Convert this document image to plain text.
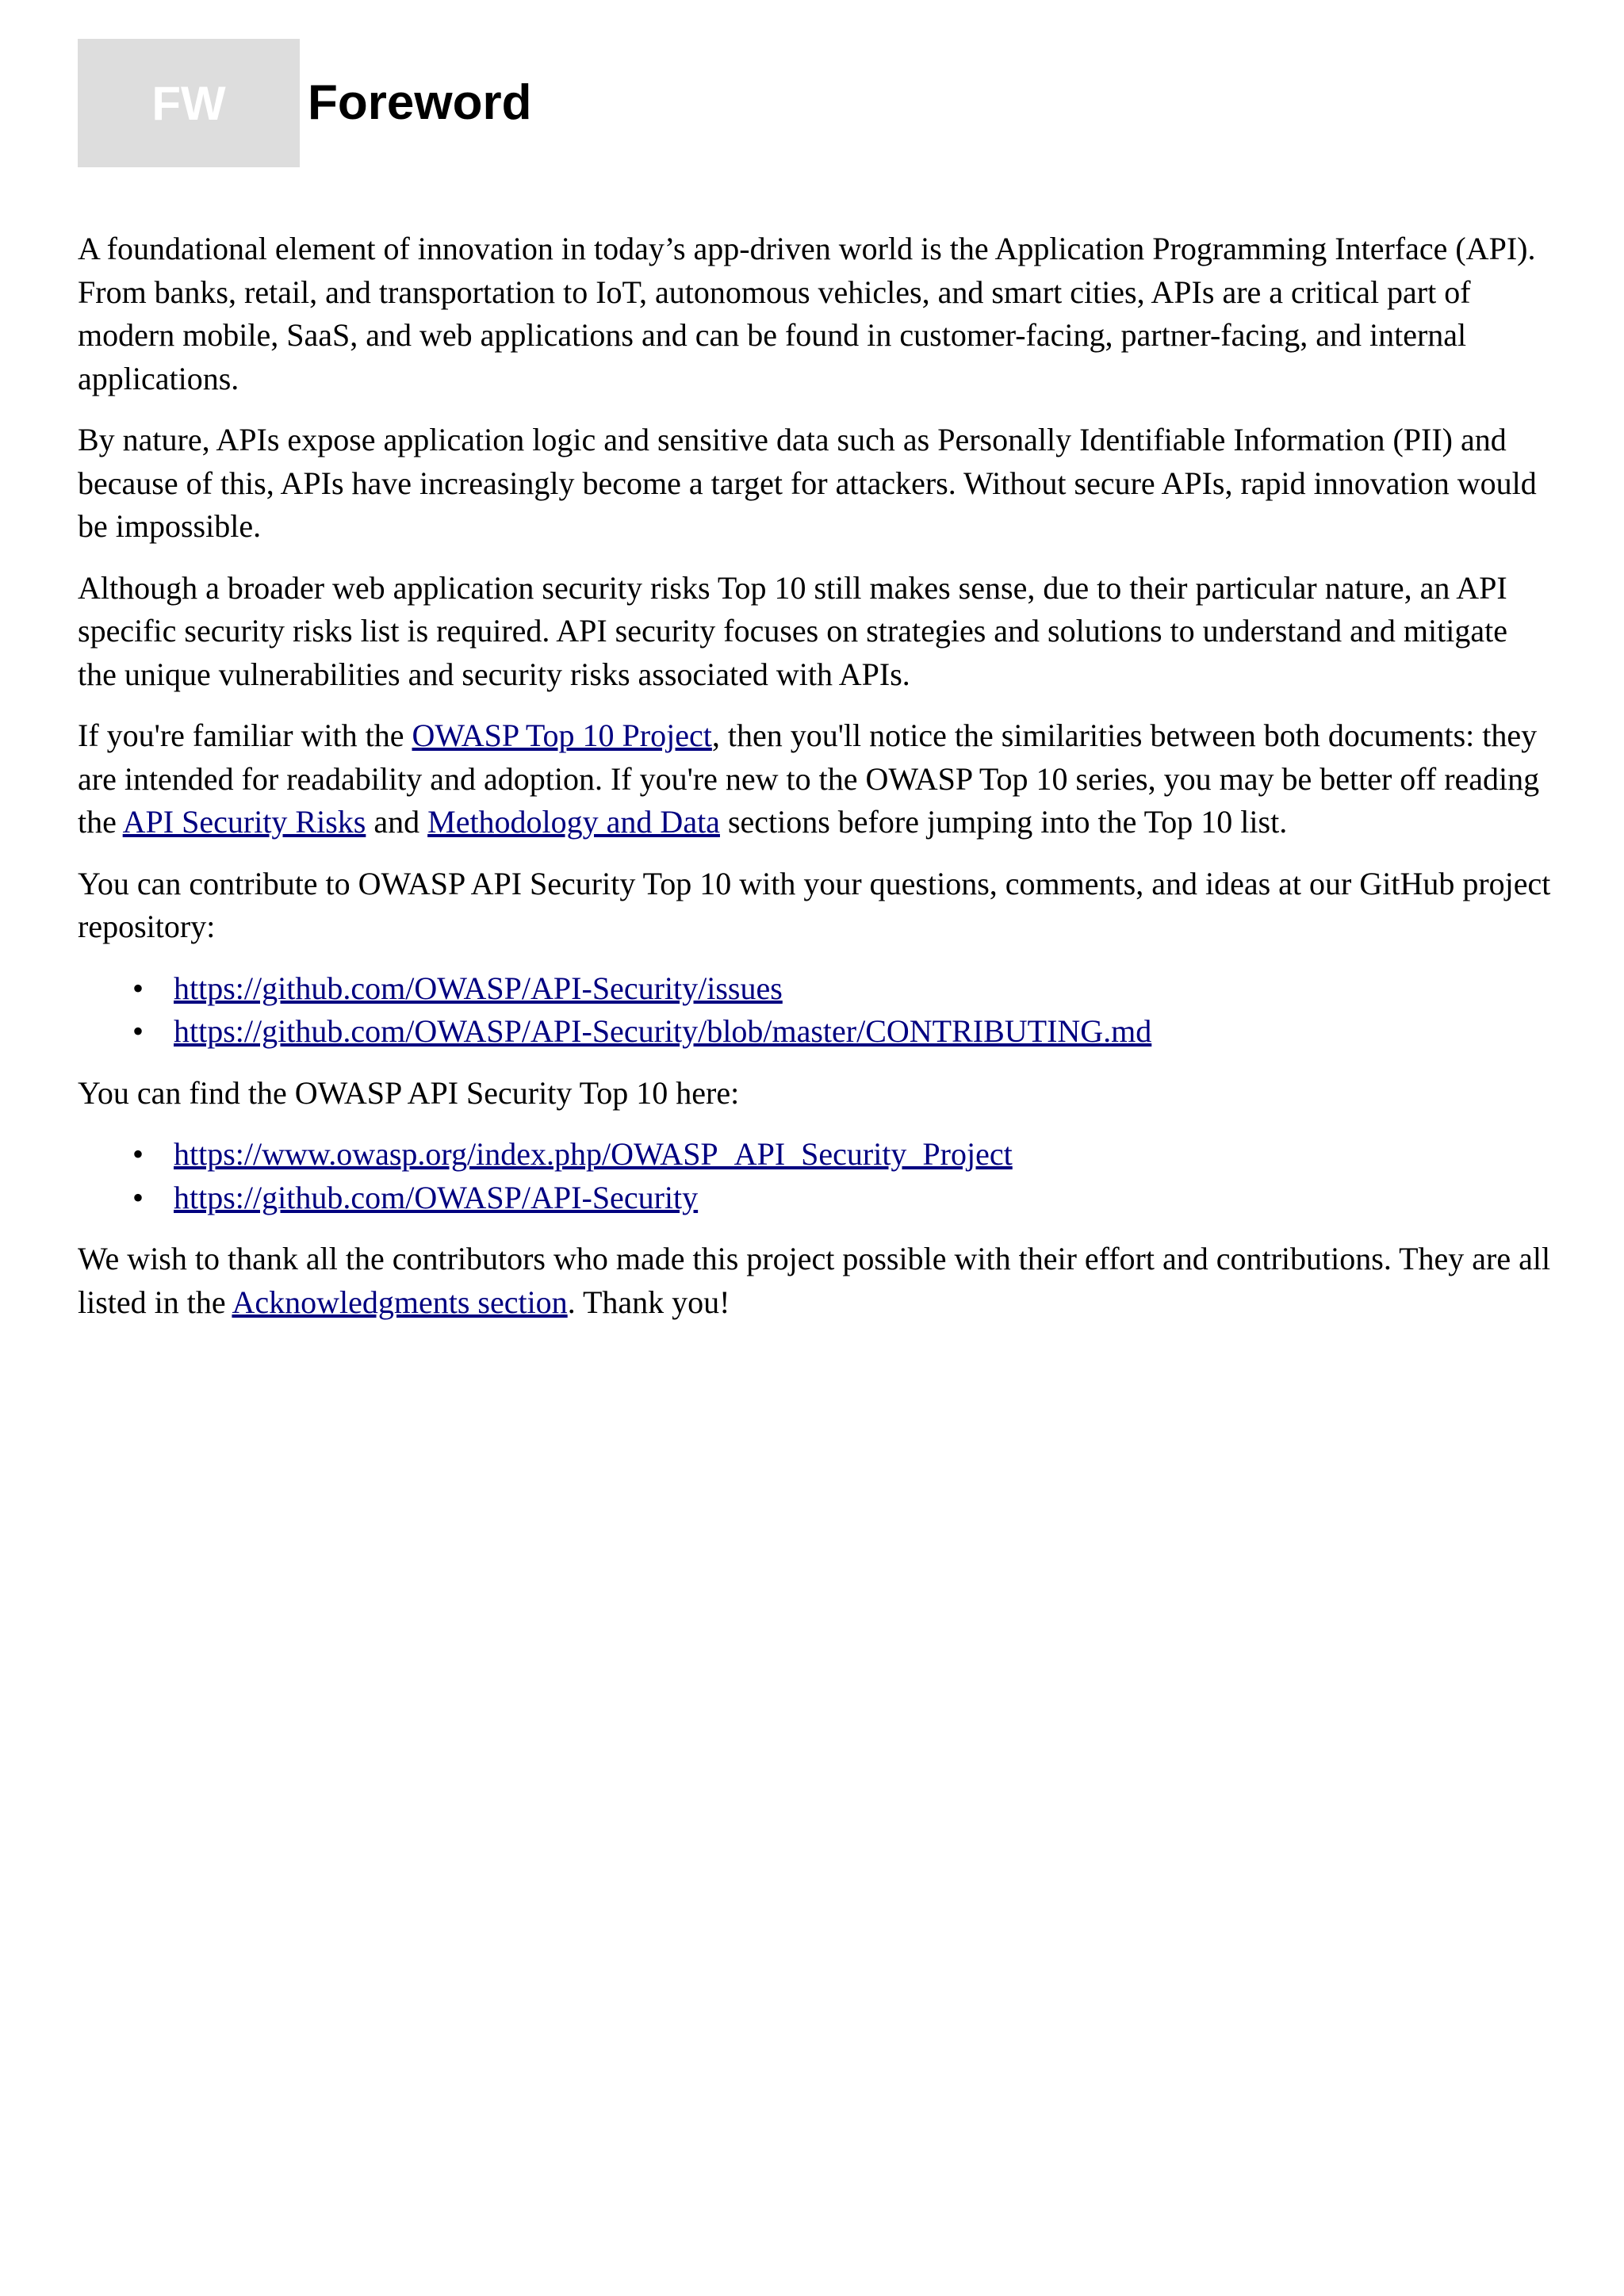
FW	Foreword

A foundational element of innovation in today’s app-driven world is the Application Programming Interface (API). From banks, retail, and transportation to IoT, autonomous vehicles, and smart cities, APIs are a critical part of modern mobile, SaaS, and web applications and can be found in customer-facing, partner-facing, and internal applications.

By nature, APIs expose application logic and sensitive data such as Personally Identifiable Information (PII) and because of this, APIs have increasingly become a target for attackers. Without secure APIs, rapid innovation would be impossible.

Although a broader web application security risks Top 10 still makes sense, due to their particular nature, an API specific security risks list is required. API security focuses on strategies and solutions to understand and mitigate the unique vulnerabilities and security risks associated with APIs.

If you're familiar with the OWASP Top 10 Project, then you'll notice the similarities between both documents: they are intended for readability and adoption. If you're new to the OWASP Top 10 series, you may be better off reading the API Security Risks and Methodology and Data sections before jumping into the Top 10 list.

You can contribute to OWASP API Security Top 10 with your questions, comments, and ideas at our GitHub project repository:

• https://github.com/OWASP/API-Security/issues
• https://github.com/OWASP/API-Security/blob/master/CONTRIBUTING.md

You can find the OWASP API Security Top 10 here:

• https://www.owasp.org/index.php/OWASP_API_Security_Project
• https://github.com/OWASP/API-Security

We wish to thank all the contributors who made this project possible with their effort and contributions. They are all listed in the Acknowledgments section. Thank you!
